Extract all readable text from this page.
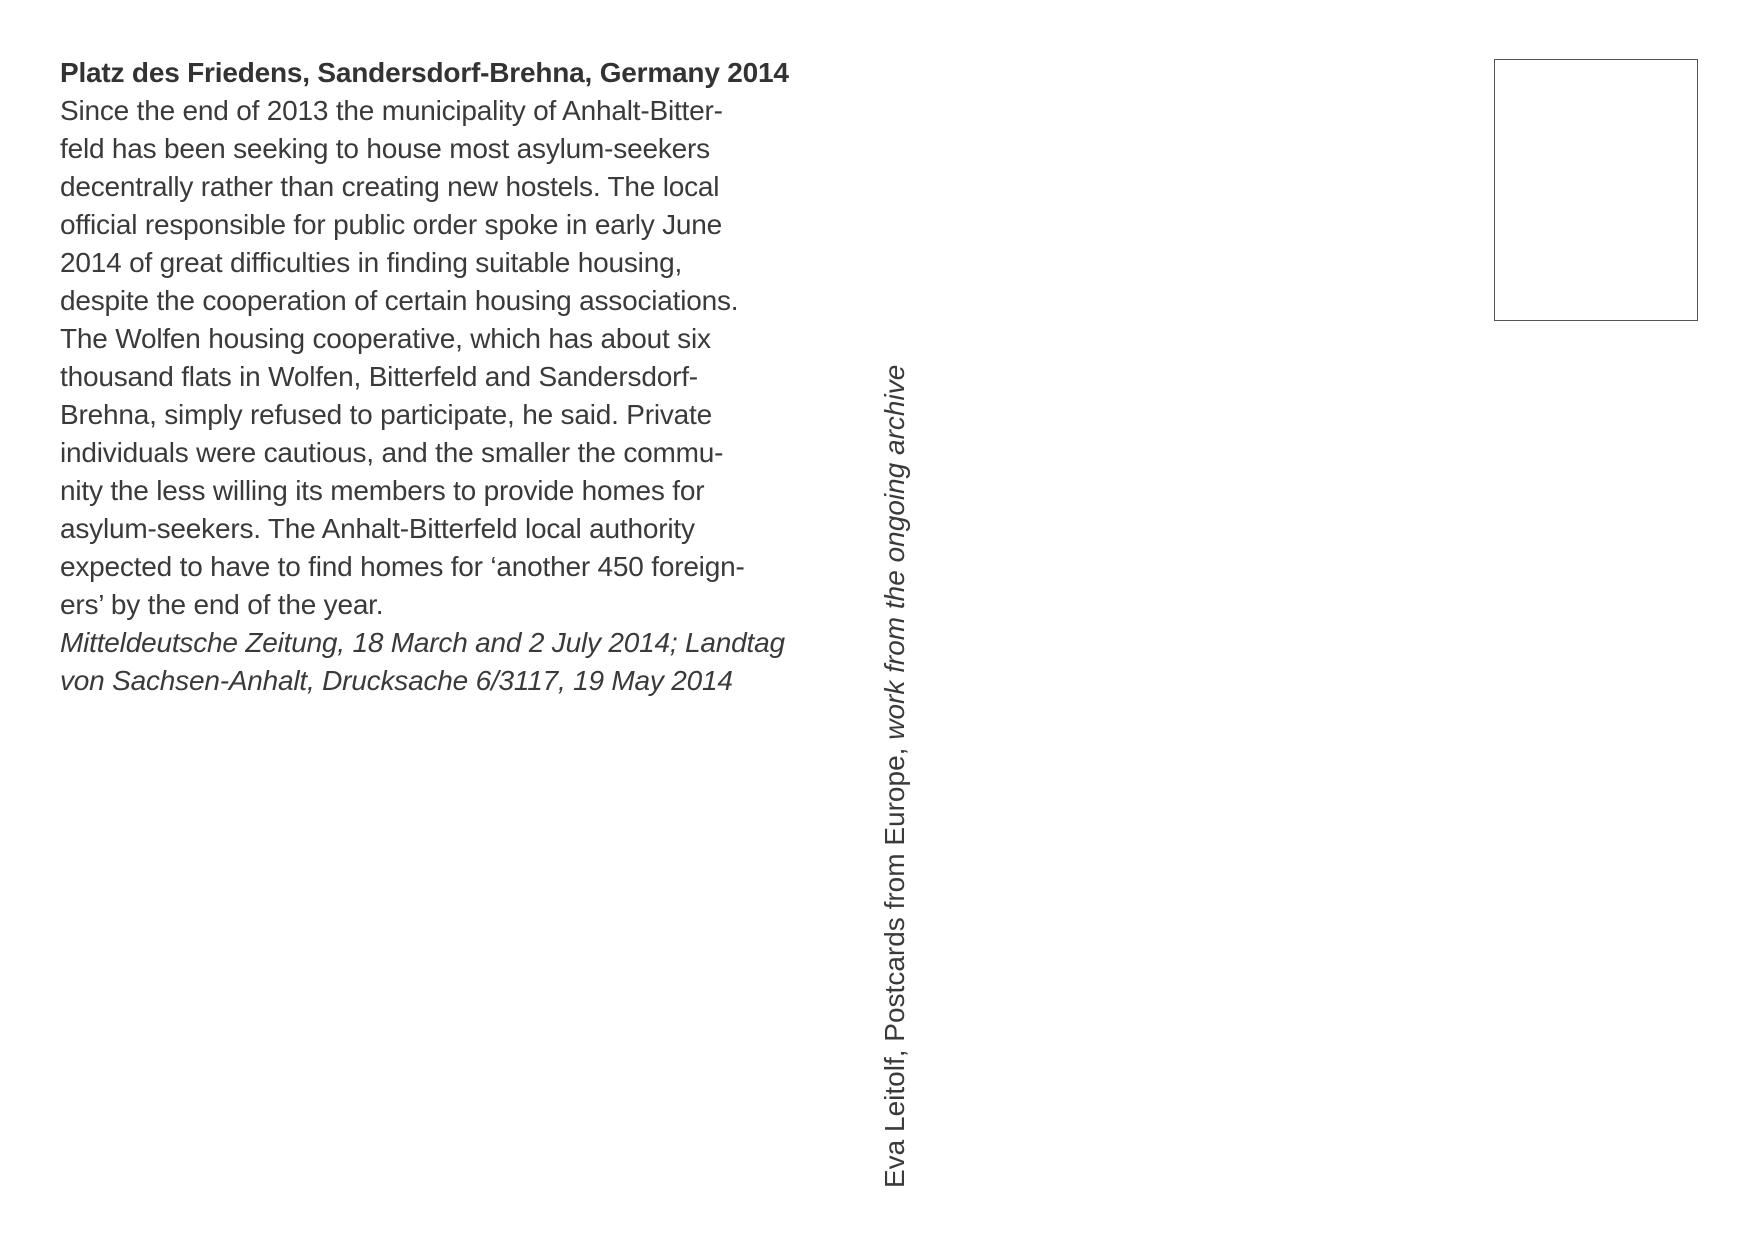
Platz des Friedens, Sandersdorf-Brehna, Germany 2014
Since the end of 2013 the municipality of Anhalt-Bitter-
feld has been seeking to house most asylum-seekers
decentrally rather than creating new hostels. The local
official responsible for public order spoke in early June
2014 of great difficulties in finding suitable housing,
despite the cooperation of certain housing associations.
The Wolfen housing cooperative, which has about six
thousand flats in Wolfen, Bitterfeld and Sandersdorf-
Brehna, simply refused to participate, he said. Private
individuals were cautious, and the smaller the commu-
nity the less willing its members to provide homes for
asylum-seekers. The Anhalt-Bitterfeld local authority
expected to have to find homes for ‘another 450 foreign-
ers’ by the end of the year.
Mitteldeutsche Zeitung, 18 March and 2 July 2014; Landtag
von Sachsen-Anhalt, Drucksache 6/3117, 19 May 2014
Eva Leitolf, Postcards from Europe, work from the ongoing archive
